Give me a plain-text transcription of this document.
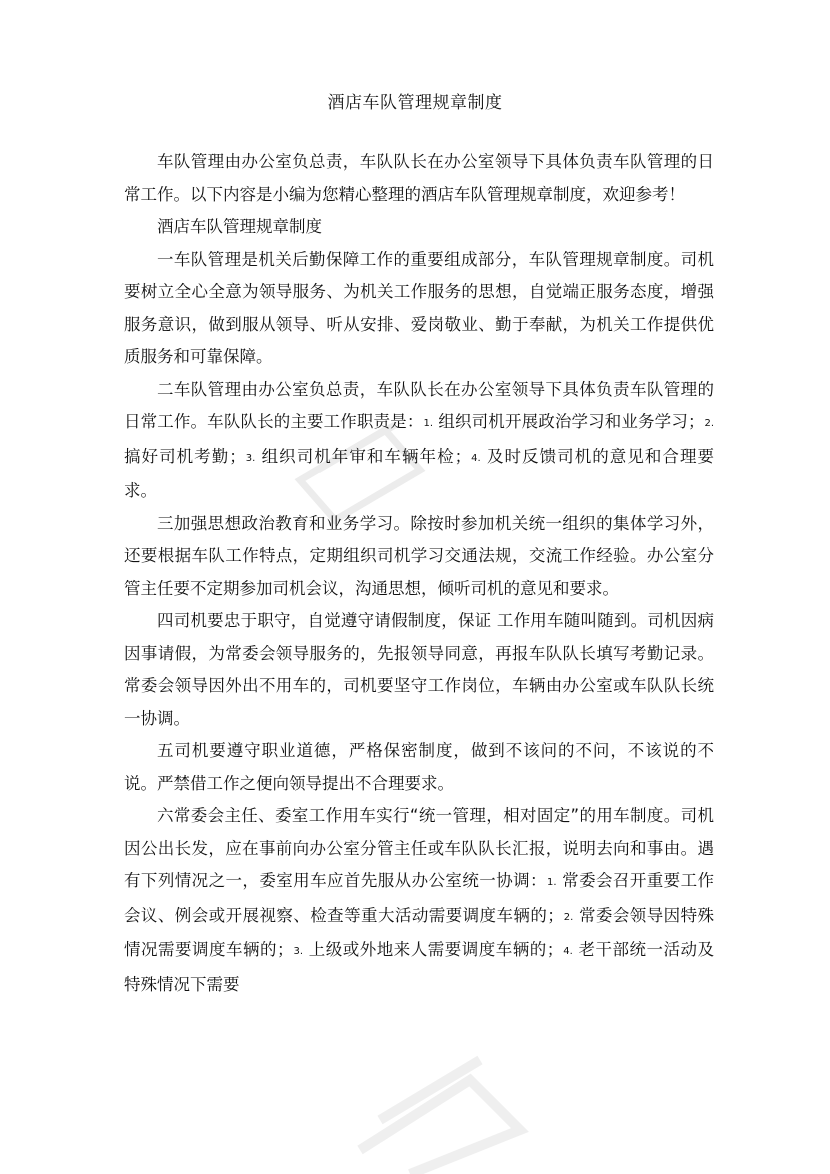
酒店车队管理规章制度

车队管理由办公室负总责，车队队长在办公室领导下具体负责车队管理的日常工作。以下内容是小编为您精心整理的酒店车队管理规章制度，欢迎参考！

酒店车队管理规章制度

一车队管理是机关后勤保障工作的重要组成部分，车队管理规章制度。司机要树立全心全意为领导服务、为机关工作服务的思想，自觉端正服务态度，增强服务意识，做到服从领导、听从安排、爱岗敬业、勤于奉献，为机关工作提供优质服务和可靠保障。

二车队管理由办公室负总责，车队队长在办公室领导下具体负责车队管理的日常工作。车队队长的主要工作职责是：1. 组织司机开展政治学习和业务学习；2. 搞好司机考勤；3. 组织司机年审和车辆年检；4. 及时反馈司机的意见和合理要求。

三加强思想政治教育和业务学习。除按时参加机关统一组织的集体学习外，还要根据车队工作特点，定期组织司机学习交通法规，交流工作经验。办公室分管主任要不定期参加司机会议，沟通思想，倾听司机的意见和要求。

四司机要忠于职守，自觉遵守请假制度，保证 工作用车随叫随到。司机因病因事请假，为常委会领导服务的，先报领导同意，再报车队队长填写考勤记录。常委会领导因外出不用车的，司机要坚守工作岗位，车辆由办公室或车队队长统一协调。

五司机要遵守职业道德，严格保密制度，做到不该问的不问，不该说的不说。严禁借工作之便向领导提出不合理要求。

六常委会主任、委室工作用车实行“统一管理，相对固定”的用车制度。司机因公出长发，应在事前向办公室分管主任或车队队长汇报，说明去向和事由。遇有下列情况之一，委室用车应首先服从办公室统一协调：1. 常委会召开重要工作会议、例会或开展视察、检查等重大活动需要调度车辆的；2. 常委会领导因特殊情况需要调度车辆的；3. 上级或外地来人需要调度车辆的；4. 老干部统一活动及特殊情况下需要
